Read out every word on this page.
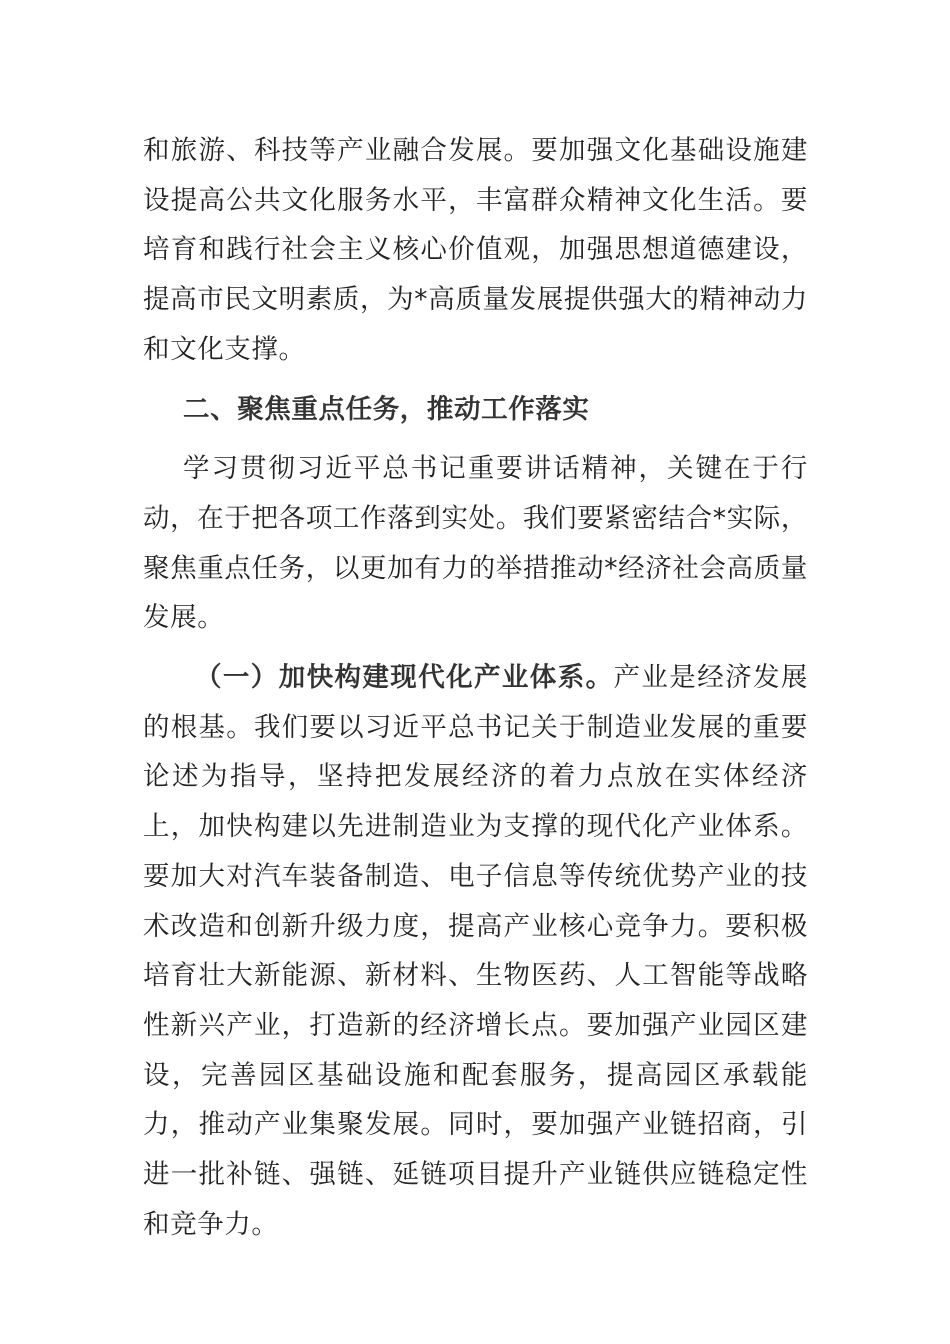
和旅游、科技等产业融合发展。要加强文化基础设施建设提高公共文化服务水平，丰富群众精神文化生活。要培育和践行社会主义核心价值观，加强思想道德建设，提高市民文明素质，为*高质量发展提供强大的精神动力和文化支撑。

二、聚焦重点任务，推动工作落实

学习贯彻习近平总书记重要讲话精神，关键在于行动，在于把各项工作落到实处。我们要紧密结合*实际，聚焦重点任务，以更加有力的举措推动*经济社会高质量发展。

（一）加快构建现代化产业体系。产业是经济发展的根基。我们要以习近平总书记关于制造业发展的重要论述为指导，坚持把发展经济的着力点放在实体经济上，加快构建以先进制造业为支撑的现代化产业体系。要加大对汽车装备制造、电子信息等传统优势产业的技术改造和创新升级力度，提高产业核心竞争力。要积极培育壮大新能源、新材料、生物医药、人工智能等战略性新兴产业，打造新的经济增长点。要加强产业园区建设，完善园区基础设施和配套服务，提高园区承载能力，推动产业集聚发展。同时，要加强产业链招商，引进一批补链、强链、延链项目提升产业链供应链稳定性和竞争力。
